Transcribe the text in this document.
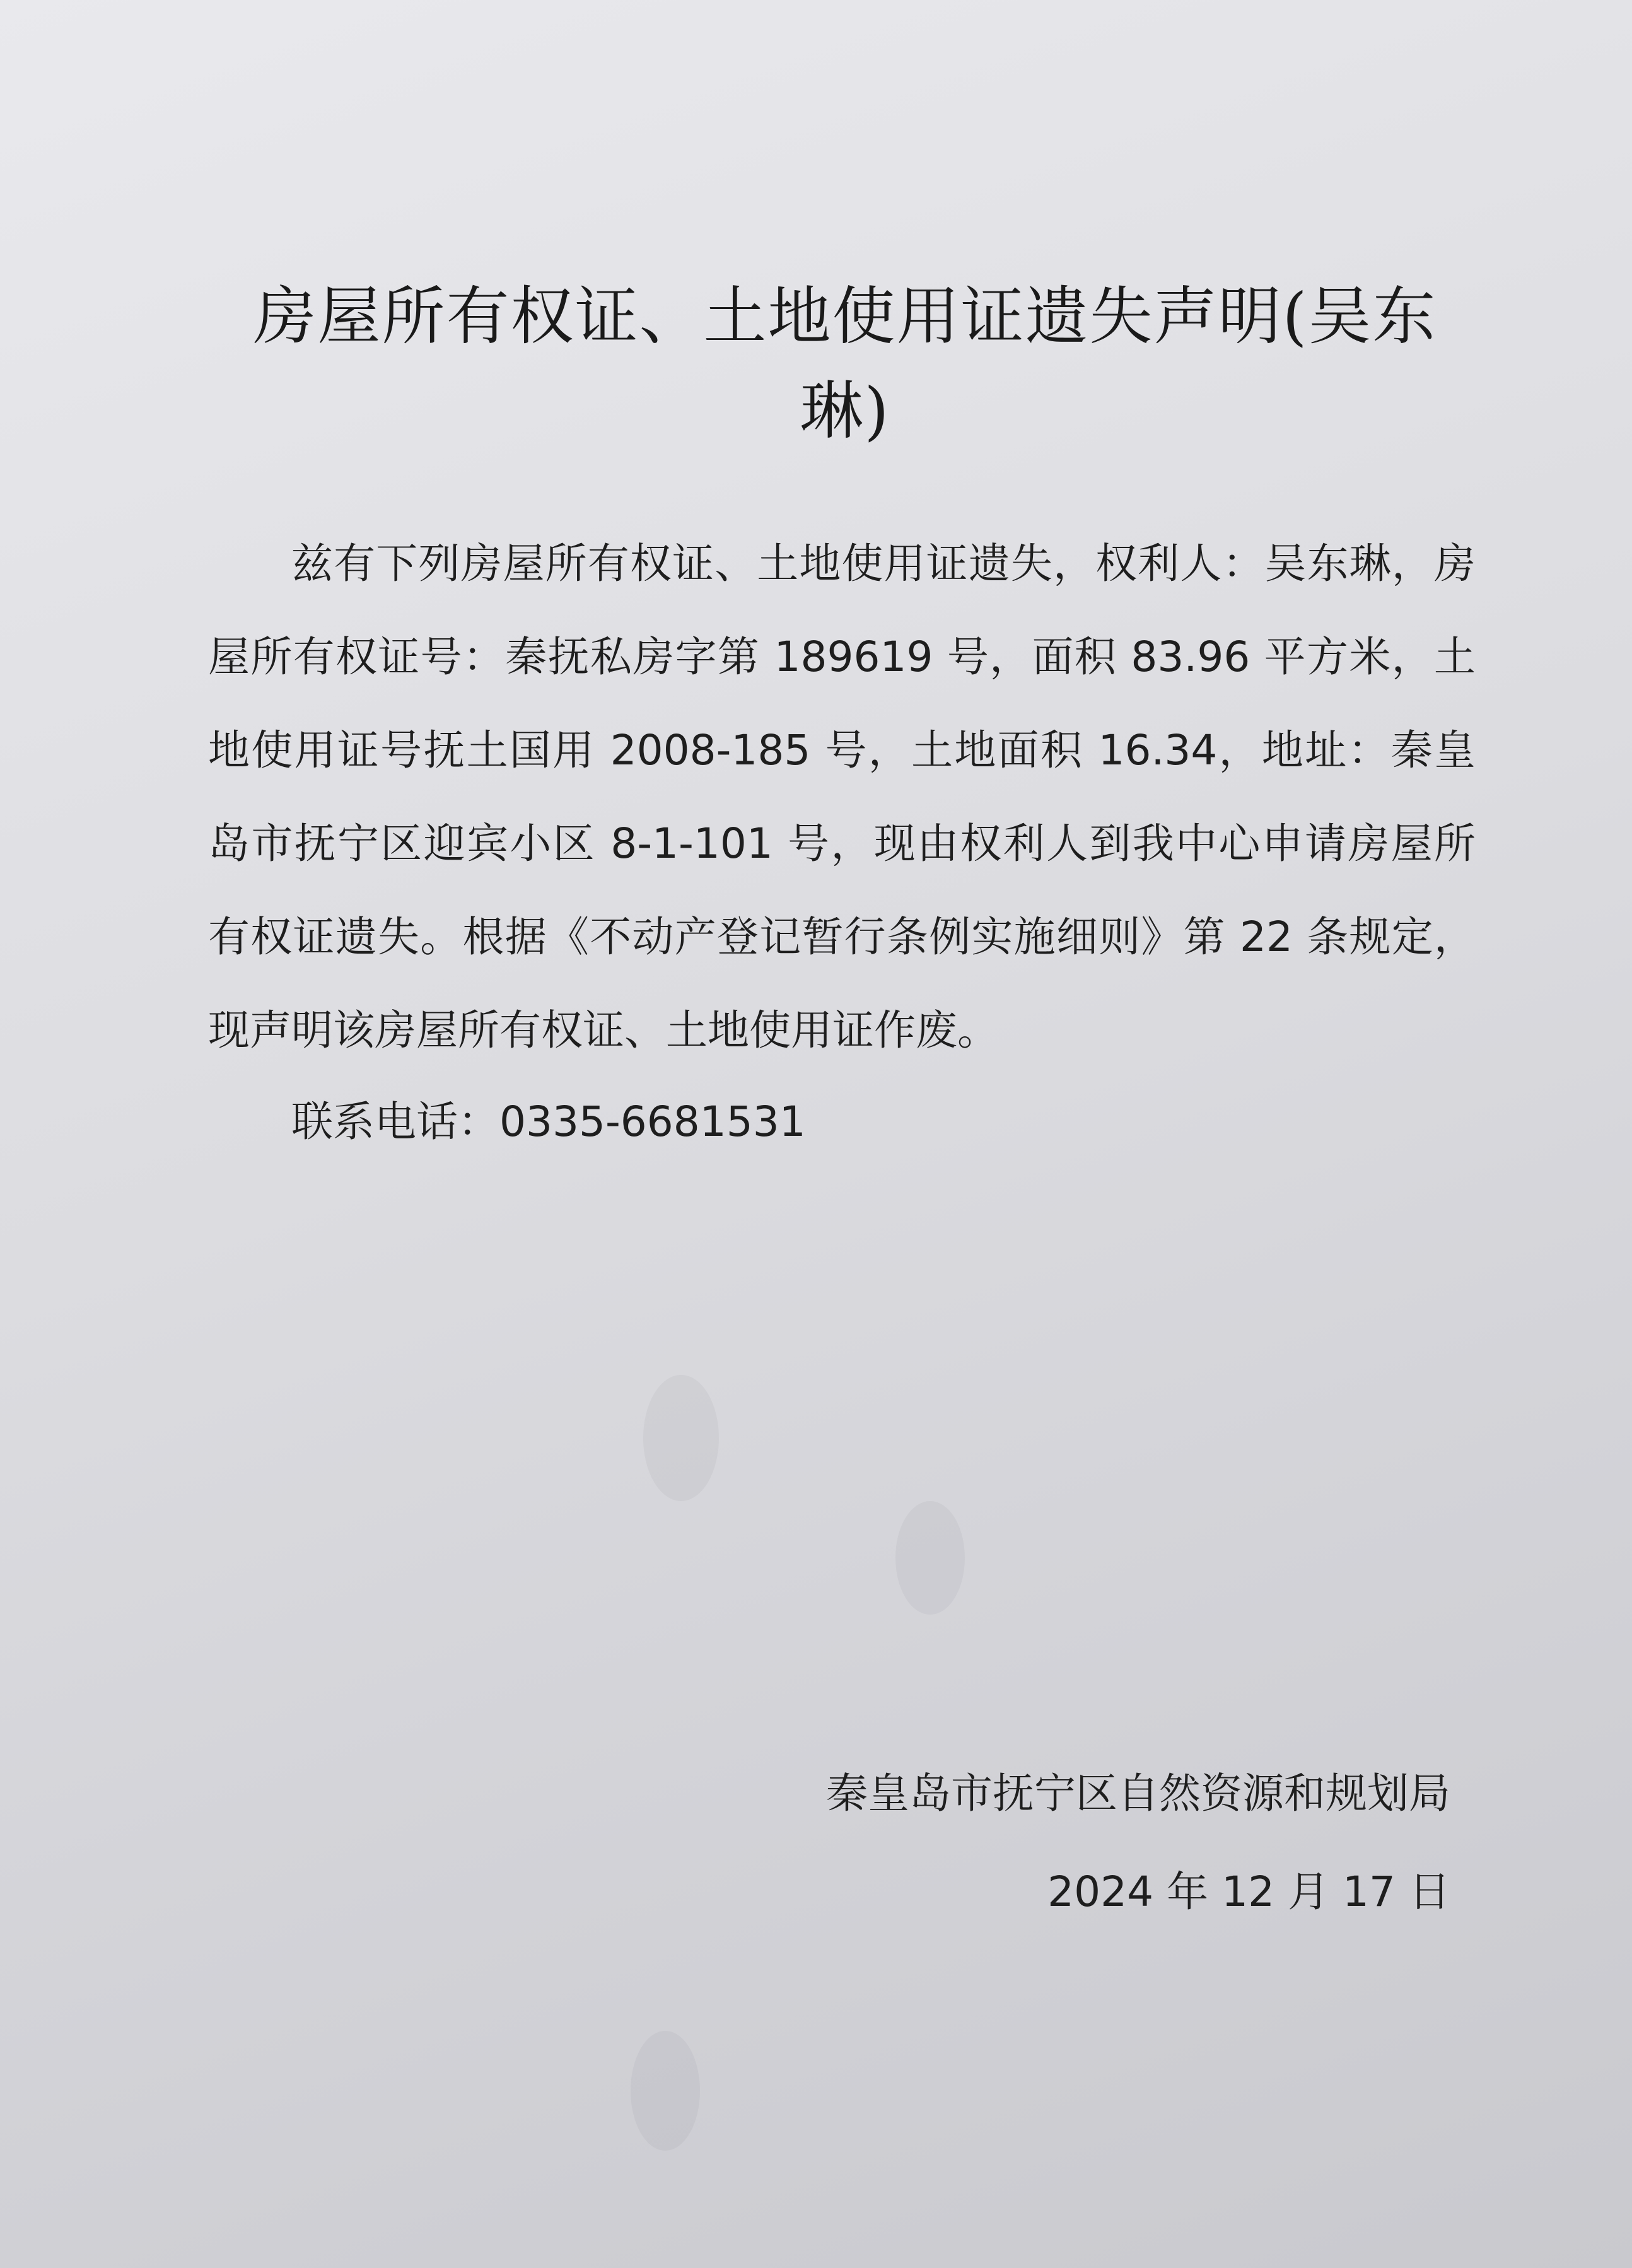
房屋所有权证、土地使用证遗失声明(吴东琳)

兹有下列房屋所有权证、土地使用证遗失，权利人：吴东琳，房屋所有权证号：秦抚私房字第 189619 号，面积 83.96 平方米，土地使用证号抚土国用 2008-185 号，土地面积 16.34，地址：秦皇岛市抚宁区迎宾小区 8-1-101 号，现由权利人到我中心申请房屋所有权证遗失。根据《不动产登记暂行条例实施细则》第 22 条规定，现声明该房屋所有权证、土地使用证作废。

联系电话：0335-6681531
秦皇岛市抚宁区自然资源和规划局
2024 年 12 月 17 日
